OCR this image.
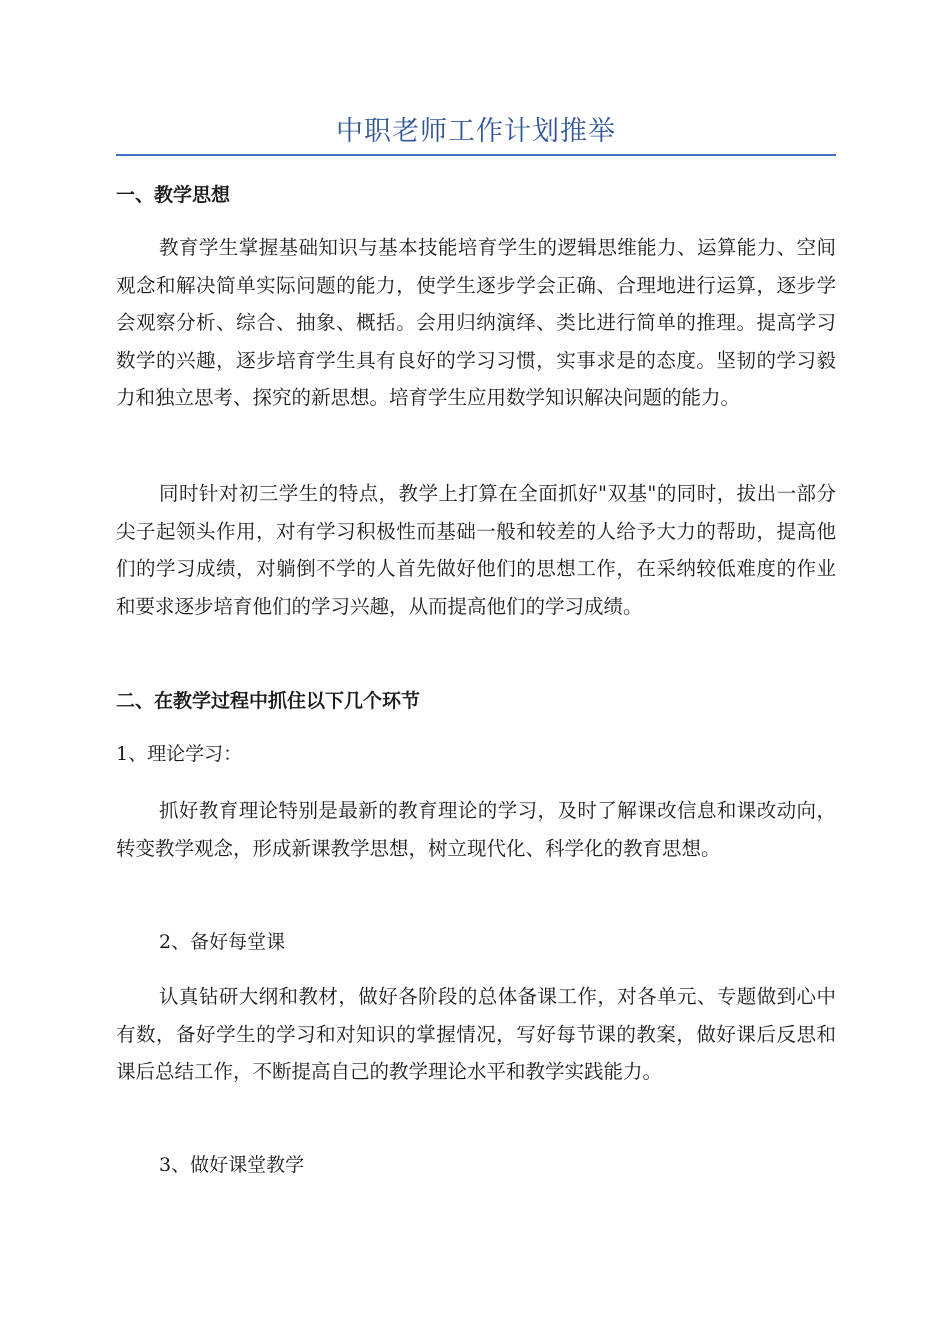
中职老师工作计划推举
一、教学思想

教育学生掌握基础知识与基本技能培育学生的逻辑思维能力、运算能力、空间观念和解决简单实际问题的能力，使学生逐步学会正确、合理地进行运算，逐步学会观察分析、综合、抽象、概括。会用归纳演绎、类比进行简单的推理。提高学习数学的兴趣，逐步培育学生具有良好的学习习惯，实事求是的态度。坚韧的学习毅力和独立思考、探究的新思想。培育学生应用数学知识解决问题的能力。

同时针对初三学生的特点，教学上打算在全面抓好"双基"的同时，拔出一部分尖子起领头作用，对有学习积极性而基础一般和较差的人给予大力的帮助，提高他们的学习成绩，对躺倒不学的人首先做好他们的思想工作，在采纳较低难度的作业和要求逐步培育他们的学习兴趣，从而提高他们的学习成绩。

二、在教学过程中抓住以下几个环节
1、理论学习：

抓好教育理论特别是最新的教育理论的学习，及时了解课改信息和课改动向，转变教学观念，形成新课教学思想，树立现代化、科学化的教育思想。

2、备好每堂课

认真钻研大纲和教材，做好各阶段的总体备课工作，对各单元、专题做到心中有数，备好学生的学习和对知识的掌握情况，写好每节课的教案，做好课后反思和课后总结工作，不断提高自己的教学理论水平和教学实践能力。

3、做好课堂教学
